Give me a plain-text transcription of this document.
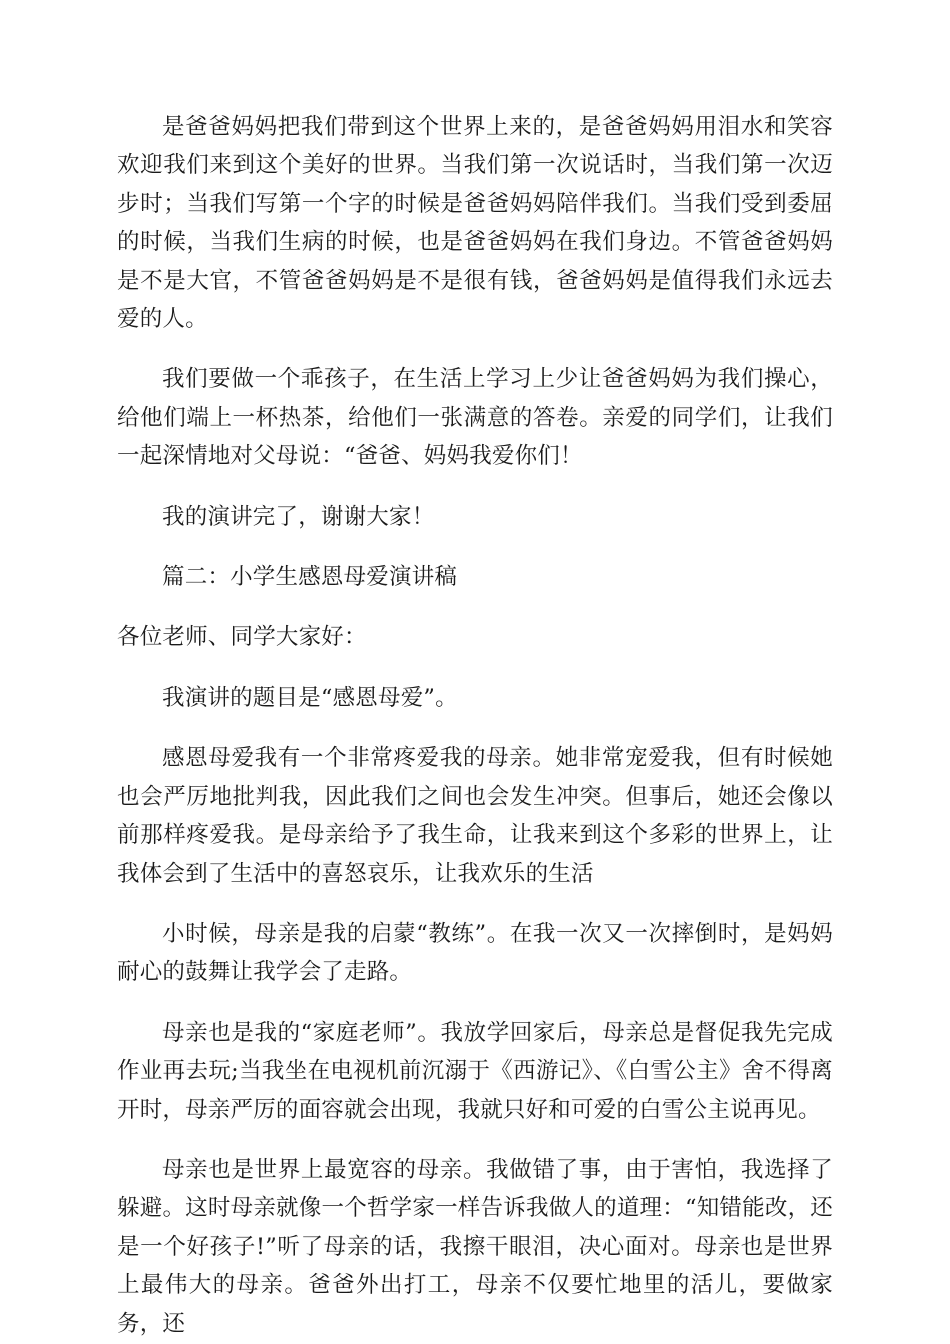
是爸爸妈妈把我们带到这个世界上来的，是爸爸妈妈用泪水和笑容欢迎我们来到这个美好的世界。当我们第一次说话时，当我们第一次迈步时；当我们写第一个字的时候是爸爸妈妈陪伴我们。当我们受到委屈的时候，当我们生病的时候，也是爸爸妈妈在我们身边。不管爸爸妈妈是不是大官，不管爸爸妈妈是不是很有钱，爸爸妈妈是值得我们永远去爱的人。

我们要做一个乖孩子，在生活上学习上少让爸爸妈妈为我们操心，给他们端上一杯热茶，给他们一张满意的答卷。亲爱的同学们，让我们一起深情地对父母说：“爸爸、妈妈我爱你们！

我的演讲完了，谢谢大家！

篇二：小学生感恩母爱演讲稿

各位老师、同学大家好：

我演讲的题目是“感恩母爱”。

感恩母爱我有一个非常疼爱我的母亲。她非常宠爱我，但有时候她也会严厉地批判我，因此我们之间也会发生冲突。但事后，她还会像以前那样疼爱我。是母亲给予了我生命，让我来到这个多彩的世界上，让我体会到了生活中的喜怒哀乐，让我欢乐的生活

小时候，母亲是我的启蒙“教练”。在我一次又一次摔倒时，是妈妈耐心的鼓舞让我学会了走路。

母亲也是我的“家庭老师”。我放学回家后，母亲总是督促我先完成作业再去玩;当我坐在电视机前沉溺于《西游记》、《白雪公主》舍不得离开时，母亲严厉的面容就会出现，我就只好和可爱的白雪公主说再见。

母亲也是世界上最宽容的母亲。我做错了事，由于害怕，我选择了躲避。这时母亲就像一个哲学家一样告诉我做人的道理：“知错能改，还是一个好孩子!”听了母亲的话，我擦干眼泪，决心面对。母亲也是世界上最伟大的母亲。爸爸外出打工，母亲不仅要忙地里的活儿，要做家务，还
